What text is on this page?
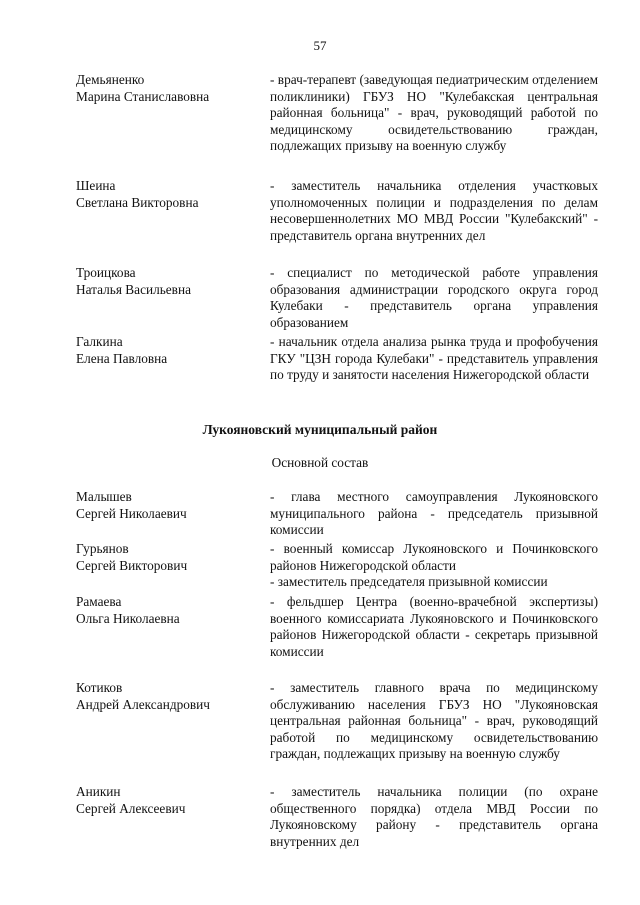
57
Демьяненко
Марина Станиславовна
- врач-терапевт (заведующая педиатрическим отделением поликлиники) ГБУЗ НО "Кулебакская центральная районная больница" - врач, руководящий работой по медицинскому освидетельствованию граждан, подлежащих призыву на военную службу
Шеина
Светлана Викторовна
- заместитель начальника отделения участковых уполномоченных полиции и подразделения по делам несовершеннолетних МО МВД России "Кулебакский" - представитель органа внутренних дел
Троицкова
Наталья Васильевна
- специалист по методической работе управления образования администрации городского округа город Кулебаки - представитель органа управления образованием
Галкина
Елена Павловна
- начальник отдела анализа рынка труда и профобучения ГКУ "ЦЗН города Кулебаки" - представитель управления по труду и занятости населения Нижегородской области
Лукояновский муниципальный район
Основной состав
Малышев
Сергей Николаевич
- глава местного самоуправления Лукояновского муниципального района - председатель призывной комиссии
Гурьянов
Сергей Викторович
- военный комиссар Лукояновского и Починковского районов Нижегородской области
- заместитель председателя призывной комиссии
Рамаева
Ольга Николаевна
- фельдшер Центра (военно-врачебной экспертизы) военного комиссариата Лукояновского и Починковского районов Нижегородской области - секретарь призывной комиссии
Котиков
Андрей Александрович
- заместитель главного врача по медицинскому обслуживанию населения ГБУЗ НО "Лукояновская центральная районная больница" - врач, руководящий работой по медицинскому освидетельствованию граждан, подлежащих призыву на военную службу
Аникин
Сергей Алексеевич
- заместитель начальника полиции (по охране общественного порядка) отдела МВД России по Лукояновскому району - представитель органа внутренних дел
